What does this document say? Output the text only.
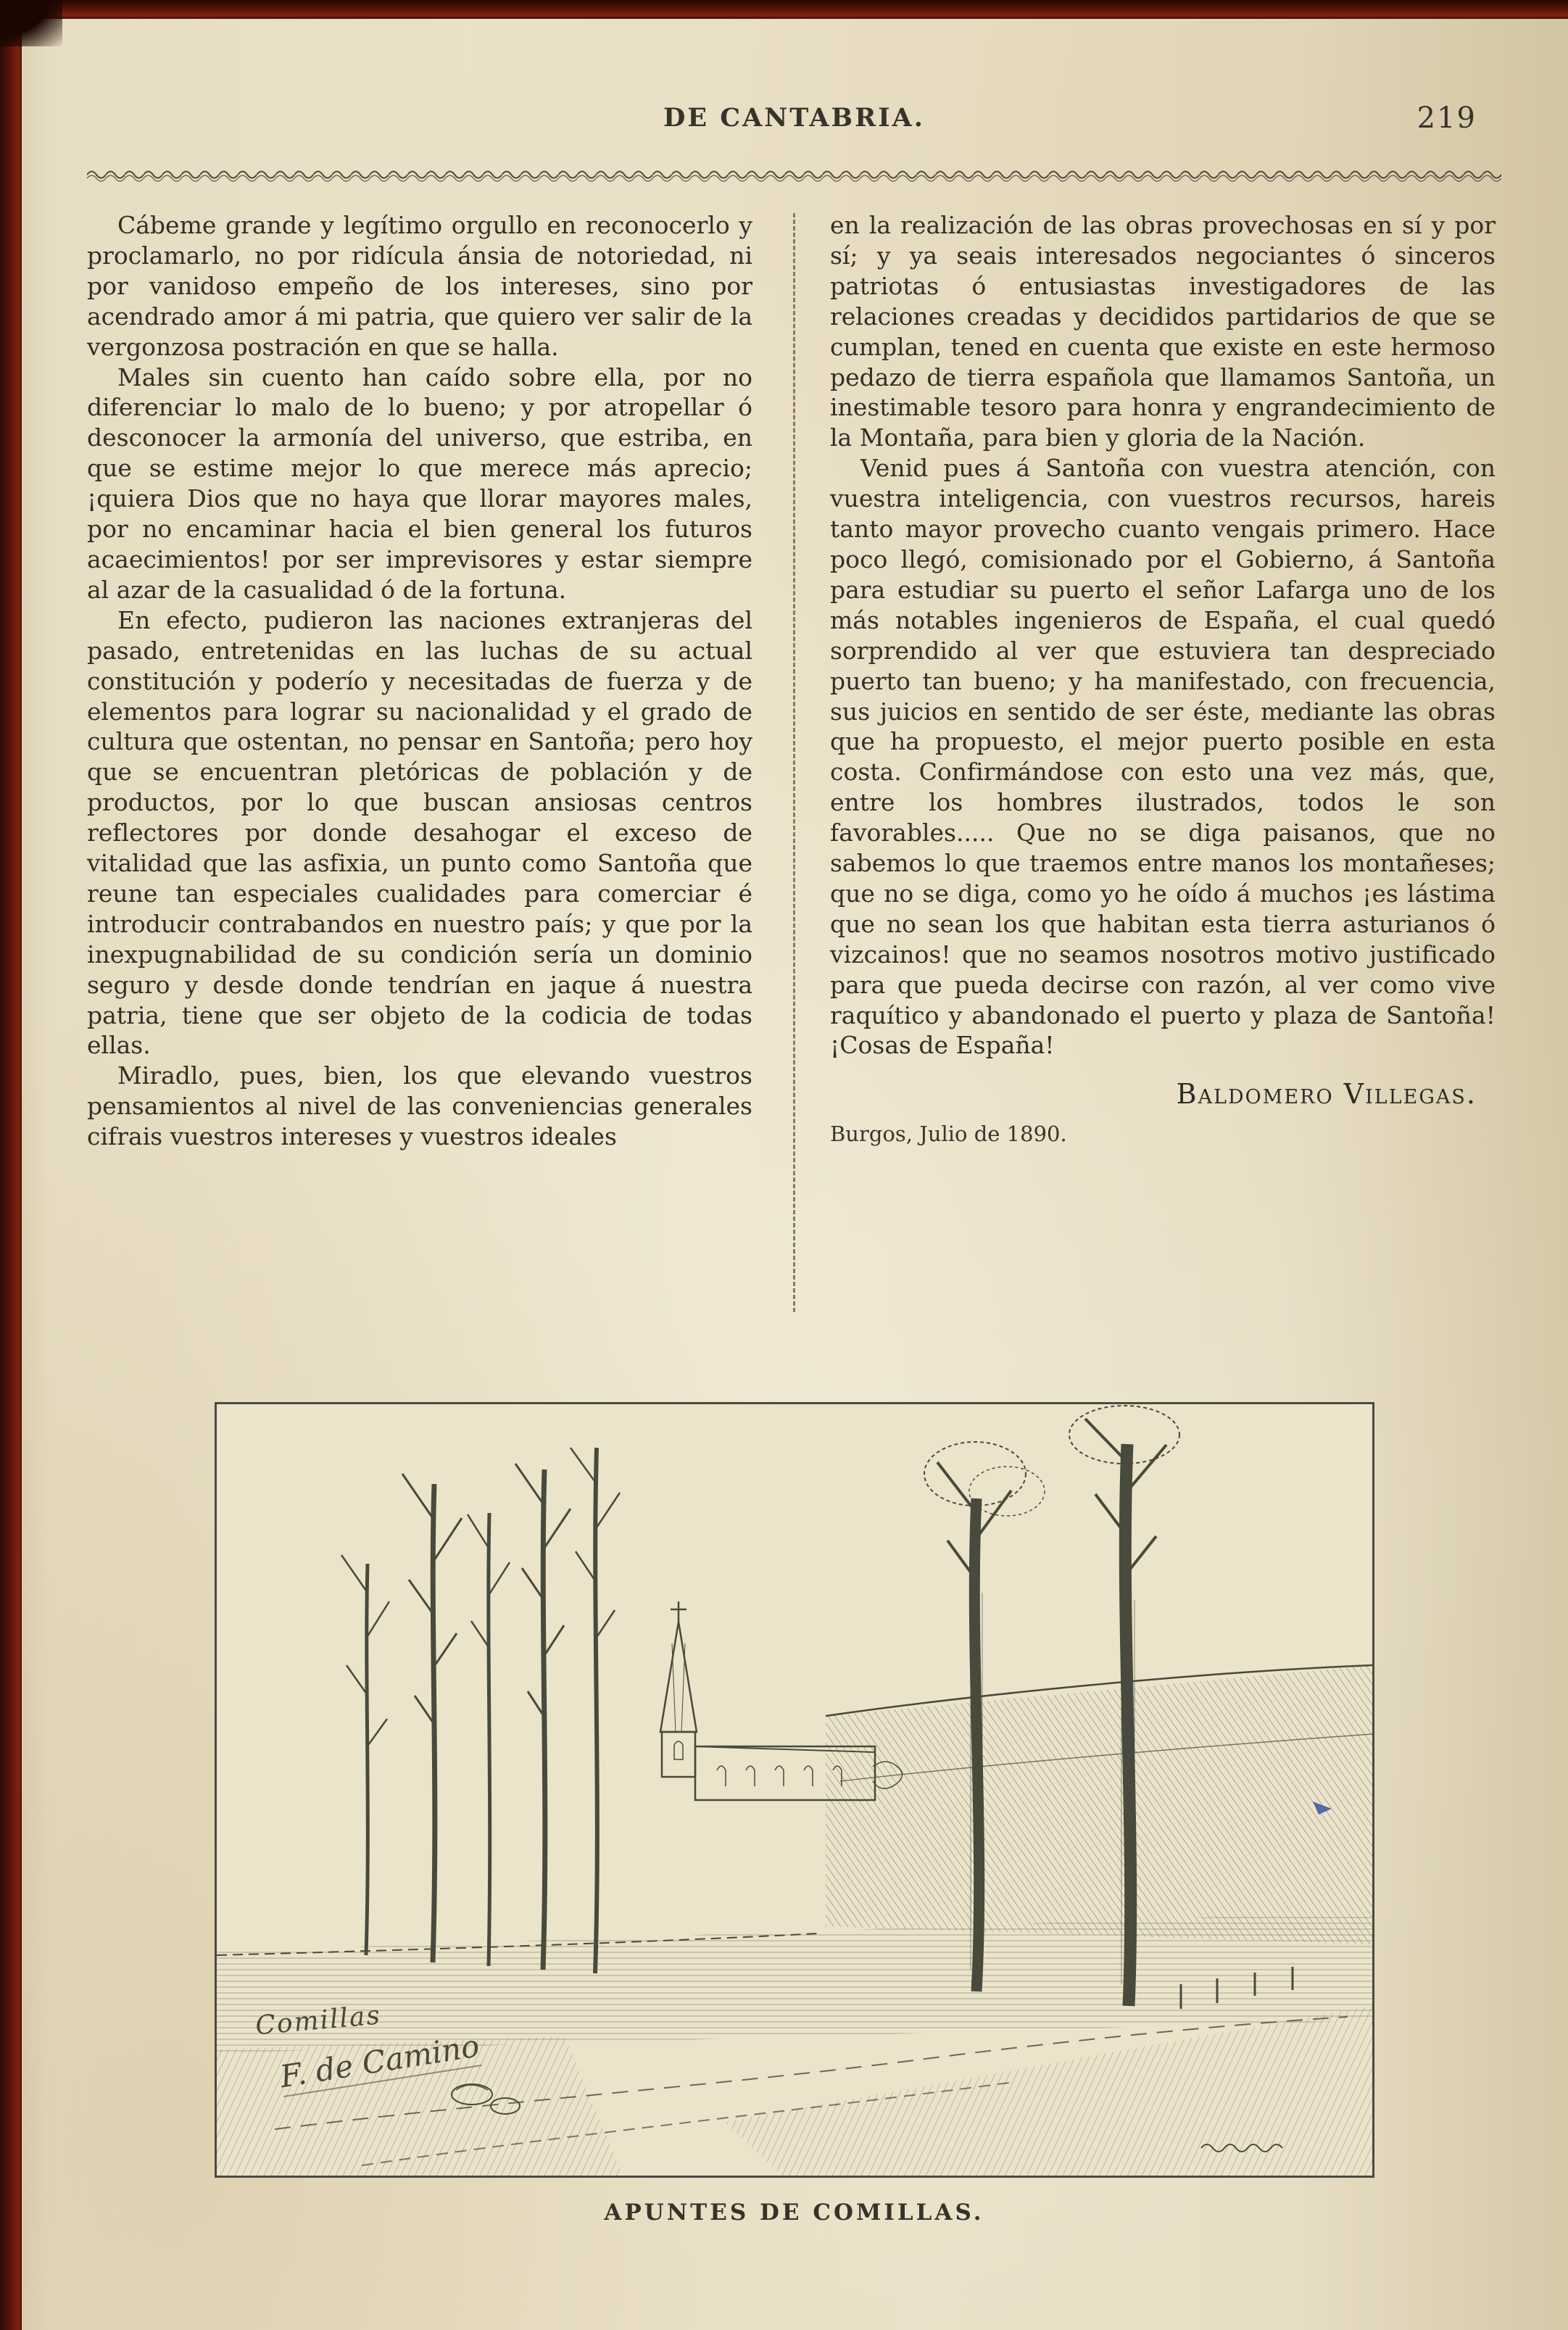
DE CANTABRIA.	219

Cábeme grande y legítimo orgullo en reconocerlo y proclamarlo, no por ridícula ánsia de notoriedad, ni por vanidoso empeño de los intereses, sino por acendrado amor á mi patria, que quiero ver salir de la vergonzosa postración en que se halla.

Males sin cuento han caído sobre ella, por no diferenciar lo malo de lo bueno; y por atropellar ó desconocer la armonía del universo, que estriba, en que se estime mejor lo que merece más aprecio; ¡quiera Dios que no haya que llorar mayores males, por no encaminar hacia el bien general los futuros acaecimientos! por ser imprevisores y estar siempre al azar de la casualidad ó de la fortuna.

En efecto, pudieron las naciones extranjeras del pasado, entretenidas en las luchas de su actual constitución y poderío y necesitadas de fuerza y de elementos para lograr su nacionalidad y el grado de cultura que ostentan, no pensar en Santoña; pero hoy que se encuentran pletóricas de población y de productos, por lo que buscan ansiosas centros reflectores por donde desahogar el exceso de vitalidad que las asfixia, un punto como Santoña que reune tan especiales cualidades para comerciar é introducir contrabandos en nuestro país; y que por la inexpugnabilidad de su condición sería un dominio seguro y desde donde tendrían en jaque á nuestra patria, tiene que ser objeto de la codicia de todas ellas.

Miradlo, pues, bien, los que elevando vuestros pensamientos al nivel de las conveniencias generales cifrais vuestros intereses y vuestros ideales

en la realización de las obras provechosas en sí y por sí; y ya seais interesados negociantes ó sinceros patriotas ó entusiastas investigadores de las relaciones creadas y decididos partidarios de que se cumplan, tened en cuenta que existe en este hermoso pedazo de tierra española que llamamos Santoña, un inestimable tesoro para honra y engrandecimiento de la Montaña, para bien y gloria de la Nación.

Venid pues á Santoña con vuestra atención, con vuestra inteligencia, con vuestros recursos, hareis tanto mayor provecho cuanto vengais primero. Hace poco llegó, comisionado por el Gobierno, á Santoña para estudiar su puerto el señor Lafarga uno de los más notables ingenieros de España, el cual quedó sorprendido al ver que estuviera tan despreciado puerto tan bueno; y ha manifestado, con frecuencia, sus juicios en sentido de ser éste, mediante las obras que ha propuesto, el mejor puerto posible en esta costa. Confirmándose con esto una vez más, que, entre los hombres ilustrados, todos le son favorables..... Que no se diga paisanos, que no sabemos lo que traemos entre manos los montañeses; que no se diga, como yo he oído á muchos ¡es lástima que no sean los que habitan esta tierra asturianos ó vizcainos! que no seamos nosotros motivo justificado para que pueda decirse con razón, al ver como vive raquítico y abandonado el puerto y plaza de Santoña! ¡Cosas de España!

Baldomero Villegas.
Burgos, Julio de 1890.
Comillas
F. de Camino
APUNTES DE COMILLAS.
